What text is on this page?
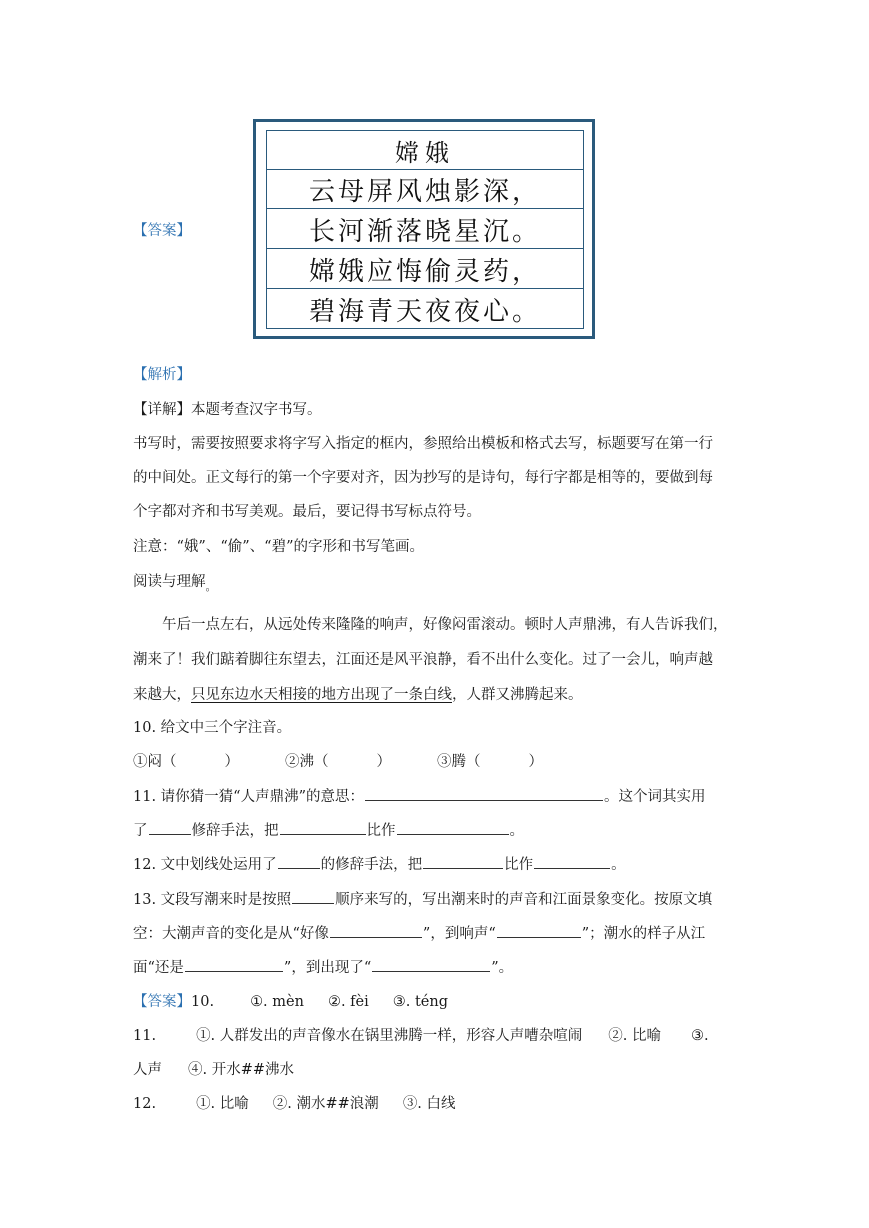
【答案】
嫦娥
云母屏风烛影深，
长河渐落晓星沉。
嫦娥应悔偷灵药，
碧海青天夜夜心。
【解析】
【详解】本题考查汉字书写。
书写时，需要按照要求将字写入指定的框内，参照给出模板和格式去写，标题要写在第一行
的中间处。正文每行的第一个字要对齐，因为抄写的是诗句，每行字都是相等的，要做到每
个字都对齐和书写美观。最后，要记得书写标点符号。
注意：“娥”、“偷”、“碧”的字形和书写笔画。
阅读与理解$_。$
午后一点左右，从远处传来隆隆的响声，好像闷雷滚动。顿时人声鼎沸，有人告诉我们，
潮来了！我们踮着脚往东望去，江面还是风平浪静，看不出什么变化。过了一会儿，响声越
来越大，只见东边水天相接的地方出现了一条白线，人群又沸腾起来。
10. 给文中三个字注音。
①闷（	）	②沸（	）	③腾（	）
11. 请你猜一猜“人声鼎沸”的意思：	。这个词其实用
了	修辞手法，把	比作	。
12. 文中划线处运用了	的修辞手法，把	比作	。
13. 文段写潮来时是按照	顺序来写的，写出潮来时的声音和江面景象变化。按原文填
空：大潮声音的变化是从“好像	”，到响声“	”；潮水的样子从江
面“还是	”，到出现了“	”。
【答案】10. ①. mèn ②. fèi ③. téng
11.	①. 人群发出的声音像水在锅里沸腾一样，形容人声嘈杂喧闹 ②. 比喻 ③.
人声 ④. 开水##沸水
12.	①. 比喻 ②. 潮水##浪潮 ③. 白线
